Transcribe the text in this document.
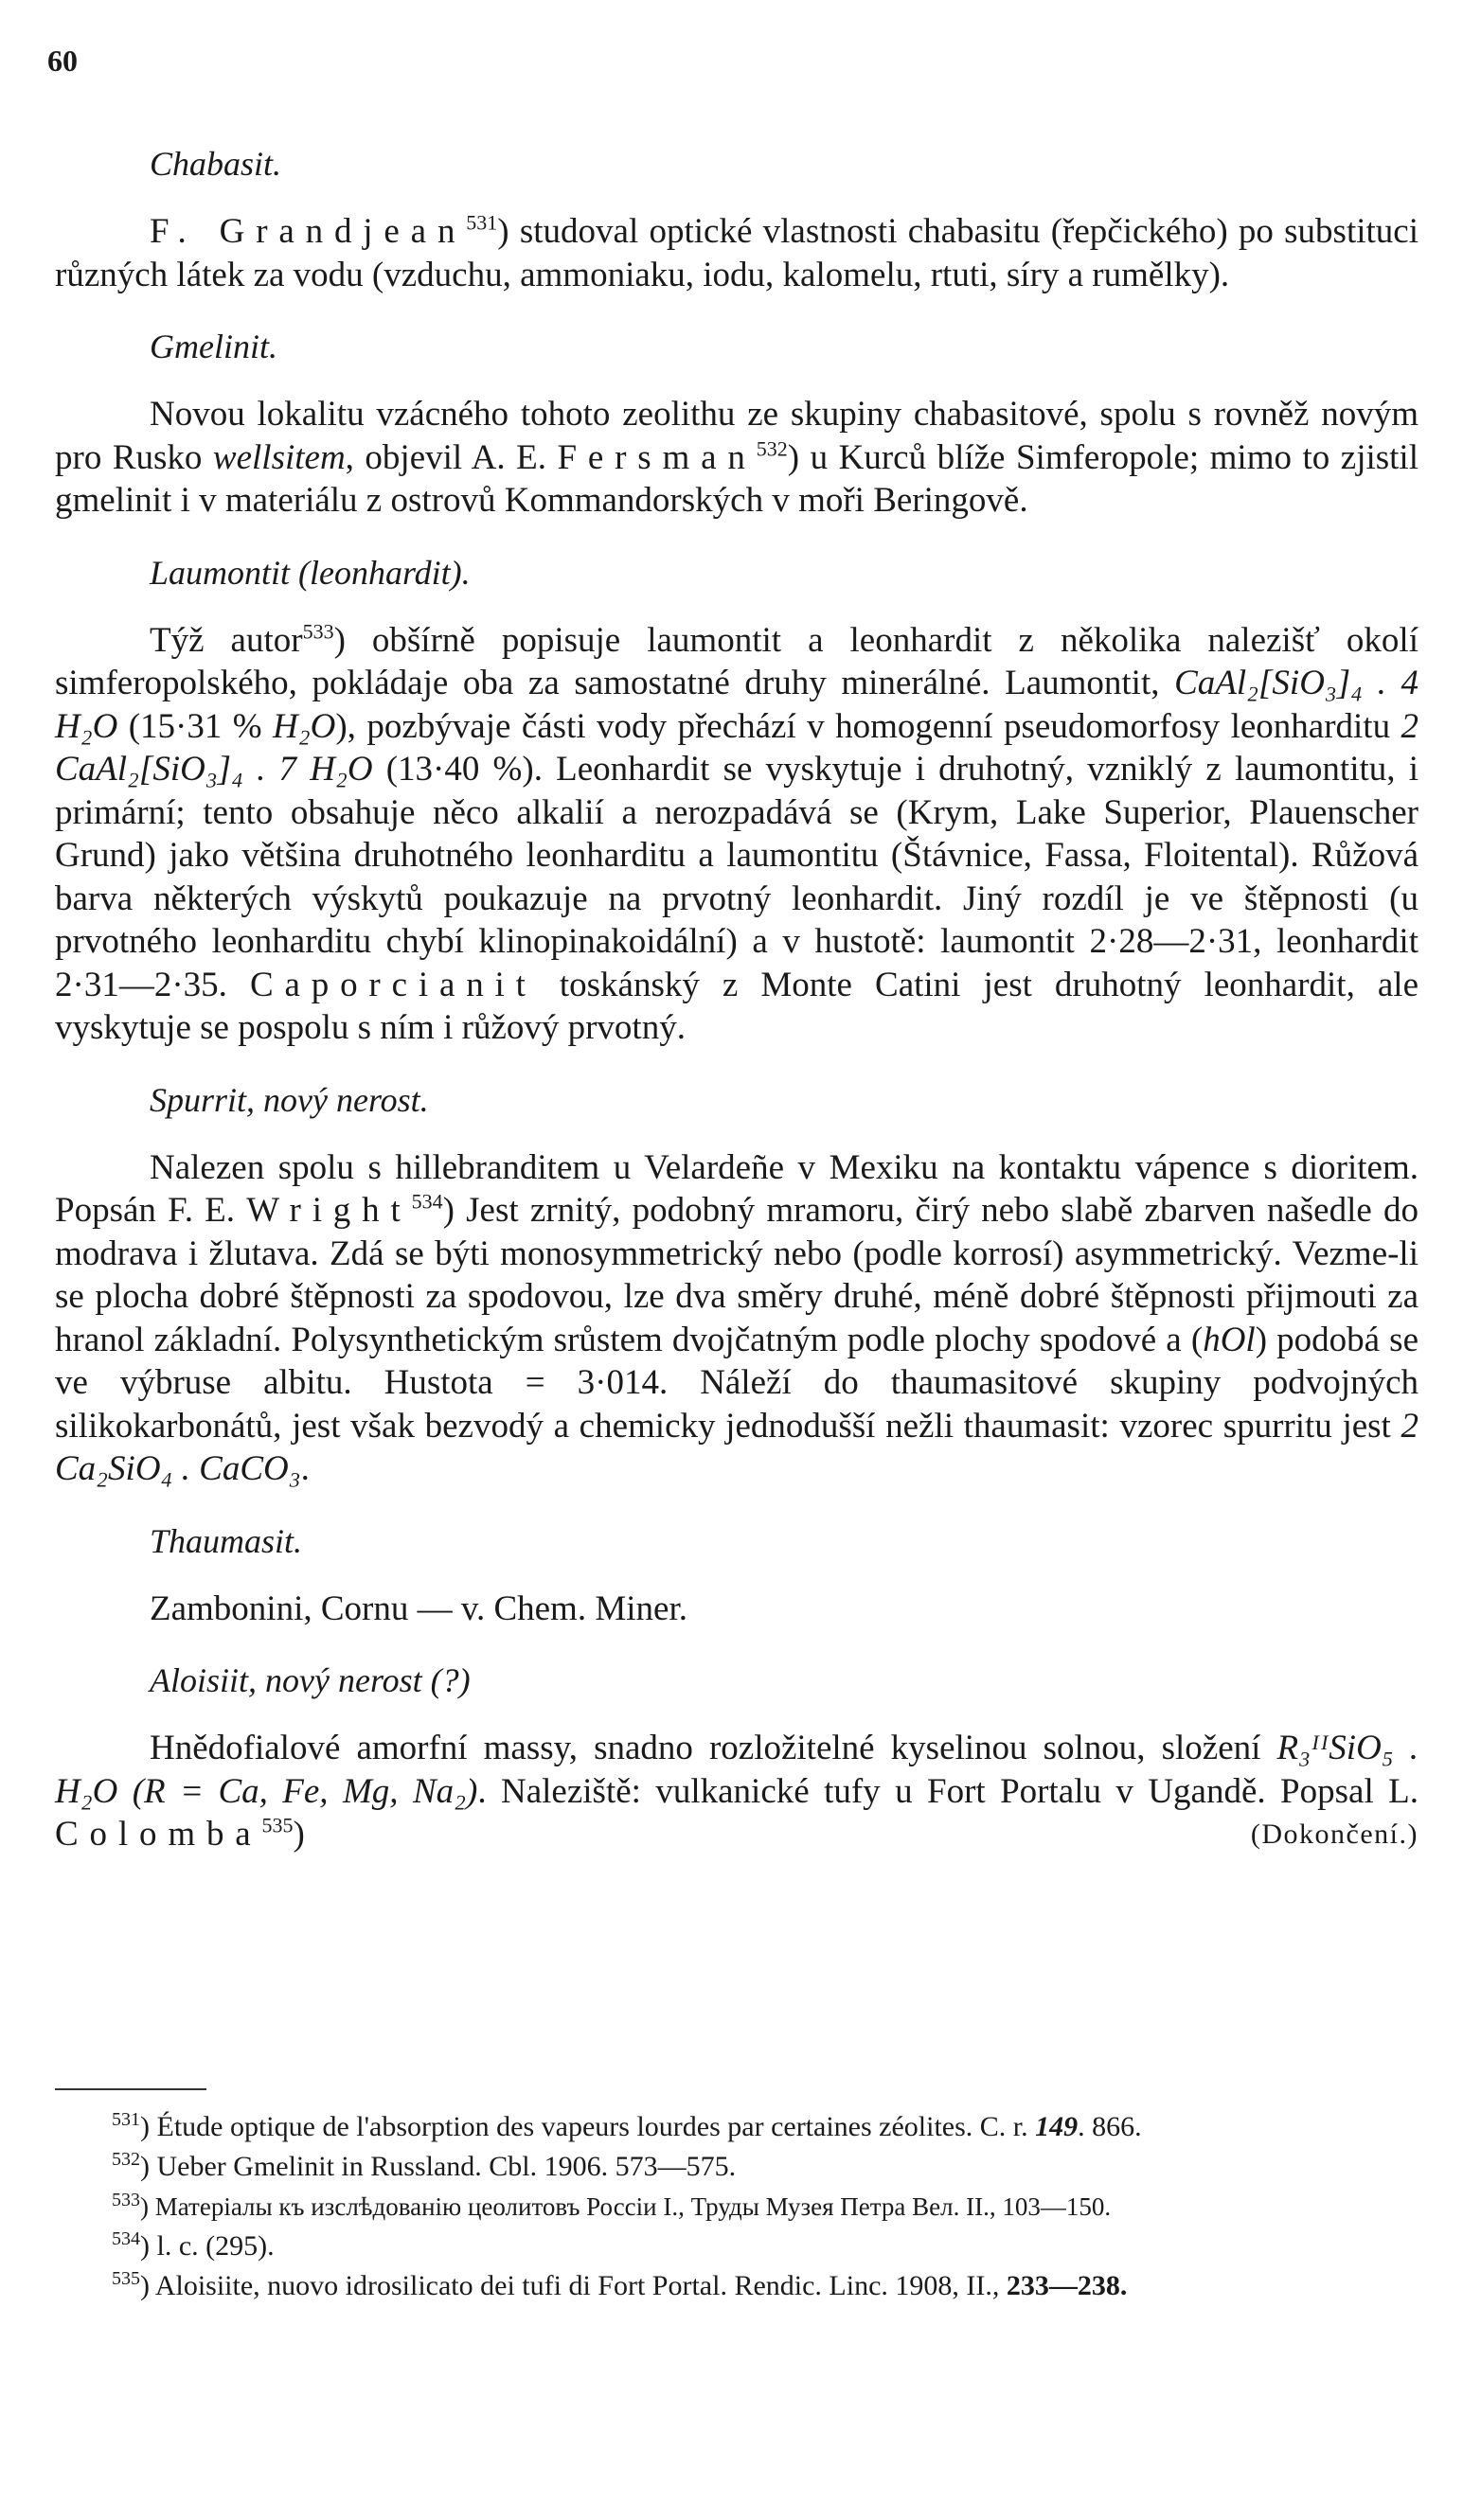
60
Chabasit.

F. Grandjean$^{531}$) studoval optické vlastnosti chabasitu (řepčického) po substituci různých látek za vodu (vzduchu, ammoniaku, iodu, kalomelu, rtuti, síry a rumělky).

Gmelinit.

Novou lokalitu vzácného tohoto zeolithu ze skupiny chabasitové, spolu s rovněž novým pro Rusko wellsitem, objevil A. E. Fersman$^{532}$) u Kurců blíže Simferopole; mimo to zjistil gmelinit i v materiálu z ostrovů Kommandorských v moři Beringově.

Laumontit (leonhardit).

Týž autor$^{533}$) obšírně popisuje laumontit a leonhardit z několika nalezišť okolí simferopolského, pokládaje oba za samostatné druhy minerálné. Laumontit, CaAl₂[SiO₃]₄ . 4 H₂O (15·31 % H₂O), pozbývaje části vody přechází v homogenní pseudomorfosy leonharditu 2 CaAl₂[SiO₃]₄ . 7 H₂O (13·40 %). Leonhardit se vyskytuje i druhotný, vzniklý z laumontitu, i primární; tento obsahuje něco alkalií a nerozpadává se (Krym, Lake Superior, Plauenscher Grund) jako většina druhotného leonharditu a laumontitu (Štávnice, Fassa, Floitental). Růžová barva některých výskytů poukazuje na prvotný leonhardit. Jiný rozdíl je ve štěpnosti (u prvotného leonharditu chybí klinopinakoidální) a v hustotě: laumontit 2·28—2·31, leonhardit 2·31—2·35. Caporcianit toskánský z Monte Catini jest druhotný leonhardit, ale vyskytuje se pospolu s ním i růžový prvotný.

Spurrit, nový nerost.

Nalezen spolu s hillebranditem u Velardeñe v Mexiku na kontaktu vápence s dioritem. Popsán F. E. Wright$^{534}$) Jest zrnitý, podobný mramoru, čirý nebo slabě zbarven našedle do modrava i žlutava. Zdá se býti monosymmetrický nebo (podle korrosí) asymmetrický. Vezme-li se plocha dobré štěpnosti za spodovou, lze dva směry druhé, méně dobré štěpnosti přijmouti za hranol základní. Polysynthetickým srůstem dvojčatným podle plochy spodové a (hOl) podobá se ve výbruse albitu. Hustota = 3·014. Náleží do thaumasitové skupiny podvojných silikokarbonátů, jest však bezvodý a chemicky jednodušší nežli thaumasit: vzorec spurritu jest 2 Ca₂SiO₄ . CaCO₃.

Thaumasit.

Zambonini, Cornu — v. Chem. Miner.

Aloisiit, nový nerost (?)

Hnědofialové amorfní massy, snadno rozložitelné kyselinou solnou, složení R₃ᴵᴵSiO₅ . H₂O (R = Ca, Fe, Mg, Na₂). Naleziště: vulkanické tufy u Fort Portalu v Ugandě. Popsal L. Colomba$^{535}$)	(Dokončení.)

$^{531}$) Étude optique de l'absorption des vapeurs lourdes par certaines zéolites. C. r. 149. 866.

$^{532}$) Ueber Gmelinit in Russland. Cbl. 1906. 573—575.

$^{533}$) Матеріалы къ изслѣдованію цеолитовъ Россіи I., Труды Музея Петра Вел. II., 103—150.

$^{534}$) l. c. (295).

$^{535}$) Aloisiite, nuovo idrosilicato dei tufi di Fort Portal. Rendic. Linc. 1908, II., 233—238.
